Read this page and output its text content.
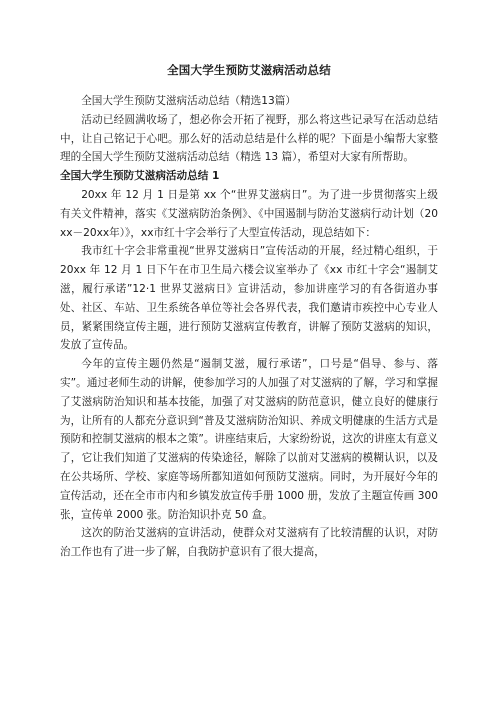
全国大学生预防艾滋病活动总结

全国大学生预防艾滋病活动总结（精选13篇）

活动已经圆满收场了，想必你会开拓了视野，那么将这些记录写在活动总结中，让自己铭记于心吧。那么好的活动总结是什么样的呢？下面是小编帮大家整理的全国大学生预防艾滋病活动总结（精选 13 篇），希望对大家有所帮助。

全国大学生预防艾滋病活动总结 1

20xx 年 12 月 1 日是第 xx 个“世界艾滋病日”。为了进一步贯彻落实上级有关文件精神，落实《艾滋病防治条例》、《中国遏制与防治艾滋病行动计划（20xx－20xx年）》，xx市红十字会举行了大型宣传活动，现总结如下：

我市红十字会非常重视“世界艾滋病日”宣传活动的开展，经过精心组织，于 20xx 年 12 月 1 日下午在市卫生局六楼会议室举办了《xx 市红十字会“遏制艾滋，履行承诺”12·1 世界艾滋病日》宣讲活动，参加讲座学习的有各街道办事处、社区、车站、卫生系统各单位等社会各界代表，我们邀请市疾控中心专业人员，紧紧围绕宣传主题，进行预防艾滋病宣传教育，讲解了预防艾滋病的知识，发放了宣传品。

今年的宣传主题仍然是“遏制艾滋，履行承诺”，口号是“倡导、参与、落实”。通过老师生动的讲解，使参加学习的人加强了对艾滋病的了解，学习和掌握了艾滋病防治知识和基本技能，加强了对艾滋病的防范意识，健立良好的健康行为，让所有的人都充分意识到“普及艾滋病防治知识、养成文明健康的生活方式是预防和控制艾滋病的根本之策”。讲座结束后，大家纷纷说，这次的讲座太有意义了，它让我们知道了艾滋病的传染途径，解除了以前对艾滋病的模糊认识，以及在公共场所、学校、家庭等场所都知道如何预防艾滋病。同时，为开展好今年的宣传活动，还在全市市内和乡镇发放宣传手册 1000 册，发放了主题宣传画 300 张，宣传单 2000 张。防治知识扑克 50 盒。

这次的防治艾滋病的宣讲活动，使群众对艾滋病有了比较清醒的认识，对防治工作也有了进一步了解，自我防护意识有了很大提高，
